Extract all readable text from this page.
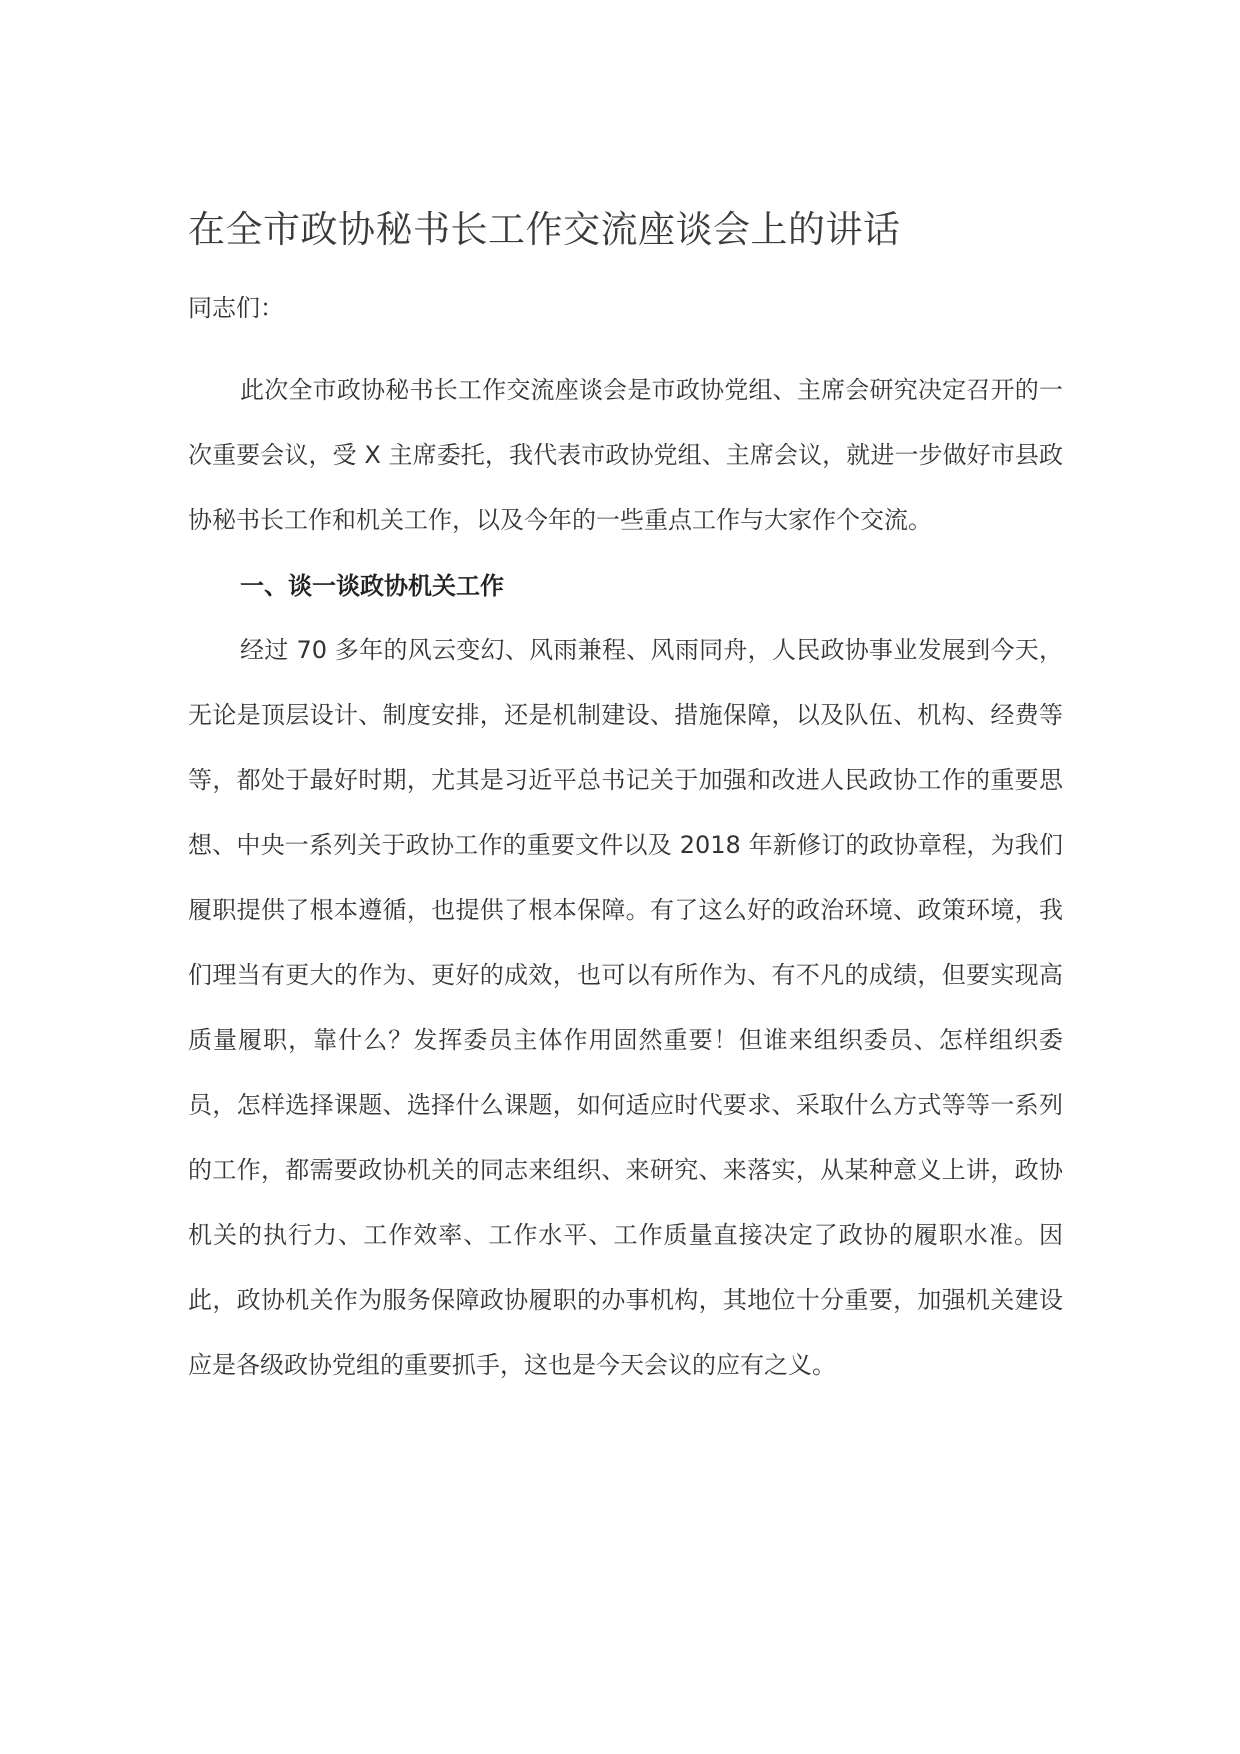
在全市政协秘书长工作交流座谈会上的讲话

同志们：

此次全市政协秘书长工作交流座谈会是市政协党组、主席会研究决定召开的一次重要会议，受 X 主席委托，我代表市政协党组、主席会议，就进一步做好市县政协秘书长工作和机关工作，以及今年的一些重点工作与大家作个交流。

一、谈一谈政协机关工作

经过 70 多年的风云变幻、风雨兼程、风雨同舟，人民政协事业发展到今天，无论是顶层设计、制度安排，还是机制建设、措施保障，以及队伍、机构、经费等等，都处于最好时期，尤其是习近平总书记关于加强和改进人民政协工作的重要思想、中央一系列关于政协工作的重要文件以及 2018 年新修订的政协章程，为我们履职提供了根本遵循，也提供了根本保障。有了这么好的政治环境、政策环境，我们理当有更大的作为、更好的成效，也可以有所作为、有不凡的成绩，但要实现高质量履职，靠什么？发挥委员主体作用固然重要！但谁来组织委员、怎样组织委员，怎样选择课题、选择什么课题，如何适应时代要求、采取什么方式等等一系列的工作，都需要政协机关的同志来组织、来研究、来落实，从某种意义上讲，政协机关的执行力、工作效率、工作水平、工作质量直接决定了政协的履职水准。因此，政协机关作为服务保障政协履职的办事机构，其地位十分重要，加强机关建设应是各级政协党组的重要抓手，这也是今天会议的应有之义。
